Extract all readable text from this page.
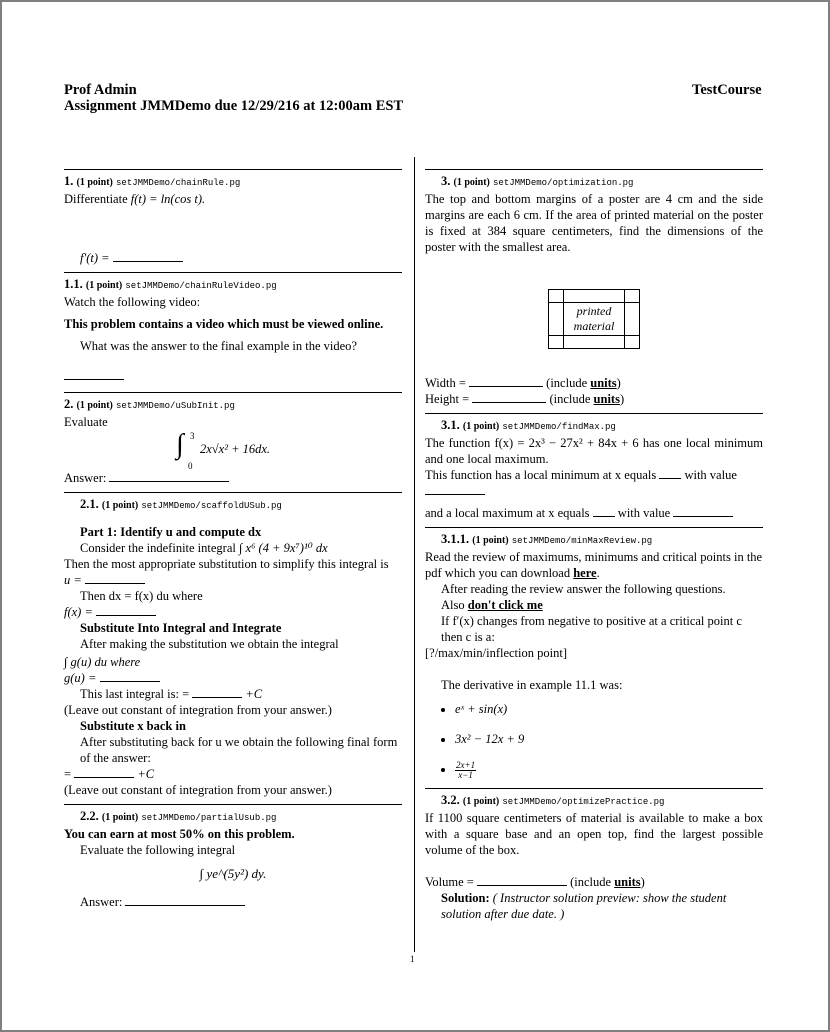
Prof Admin
Assignment JMMDemo due 12/29/216 at 12:00am EST
TestCourse

1. (1 point) setJMMDemo/chainRule.pg

Differentiate f(t) = ln(cos t).

f′(t) =

1.1. (1 point) setJMMDemo/chainRuleVideo.pg

Watch the following video:

This problem contains a video which must be viewed online.

What was the answer to the final example in the video?

2. (1 point) setJMMDemo/uSubInit.pg

Evaluate

∫ 3
0
2x√x² + 16dx.

Answer:

2.1. (1 point) setJMMDemo/scaffoldUSub.pg

Part 1: Identify u and compute dx

Consider the indefinite integral ∫ x⁶ (4 + 9x⁷)¹⁰ dx

Then the most appropriate substitution to simplify this integral is

u =

Then dx = f(x) du where

f(x) =

Substitute Into Integral and Integrate

After making the substitution we obtain the integral

∫ g(u) du where

g(u) =

This last integral is: =	+C

(Leave out constant of integration from your answer.)

Substitute x back in

After substituting back for u we obtain the following final form of the answer:

=	+C

(Leave out constant of integration from your answer.)

2.2. (1 point) setJMMDemo/partialUsub.pg

You can earn at most 50% on this problem.

Evaluate the following integral

∫ ye^(5y²) dy.

Answer:

3. (1 point) setJMMDemo/optimization.pg

The top and bottom margins of a poster are 4 cm and the side margins are each 6 cm. If the area of printed material on the poster is fixed at 384 square centimeters, find the dimensions of the poster with the smallest area.

	printed
material	

Width =	(include units)

Height =	(include units)

3.1. (1 point) setJMMDemo/findMax.pg

The function f(x) = 2x³ − 27x² + 84x + 6 has one local minimum and one local maximum.

This function has a local minimum at x equals with value

and a local maximum at x equals with value

3.1.1. (1 point) setJMMDemo/minMaxReview.pg

Read the review of maximums, minimums and critical points in the pdf which you can download here.

After reading the review answer the following questions.

Also don't click me

If f′(x) changes from negative to positive at a critical point c then c is a:

[?/max/min/inflection point]

The derivative in example 11.1 was:

• eˣ + sin(x)
• 3x² − 12x + 9
• $\frac{2x+1}{x-1}$

3.2. (1 point) setJMMDemo/optimizePractice.pg

If 1100 square centimeters of material is available to make a box with a square base and an open top, find the largest possible volume of the box.

Volume =	(include units)

Solution: ( Instructor solution preview: show the student solution after due date. )

1
